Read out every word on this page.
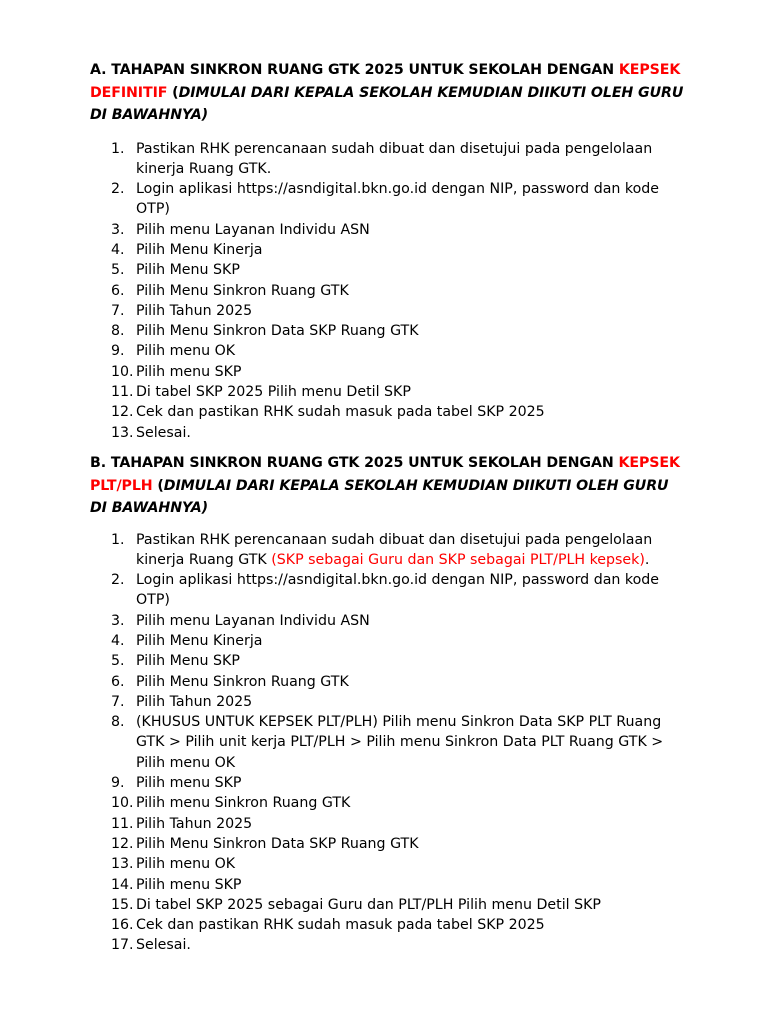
A. TAHAPAN SINKRON RUANG GTK 2025 UNTUK SEKOLAH DENGAN KEPSEK DEFINITIF (DIMULAI DARI KEPALA SEKOLAH KEMUDIAN DIIKUTI OLEH GURU DI BAWAHNYA)

1. Pastikan RHK perencanaan sudah dibuat dan disetujui pada pengelolaan kinerja Ruang GTK.
2. Login aplikasi https://asndigital.bkn.go.id dengan NIP, password dan kode OTP)
3. Pilih menu Layanan Individu ASN
4. Pilih Menu Kinerja
5. Pilih Menu SKP
6. Pilih Menu Sinkron Ruang GTK
7. Pilih Tahun 2025
8. Pilih Menu Sinkron Data SKP Ruang GTK
9. Pilih menu OK
10. Pilih menu SKP
11. Di tabel SKP 2025 Pilih menu Detil SKP
12. Cek dan pastikan RHK sudah masuk pada tabel SKP 2025
13. Selesai.

B. TAHAPAN SINKRON RUANG GTK 2025 UNTUK SEKOLAH DENGAN KEPSEK PLT/PLH (DIMULAI DARI KEPALA SEKOLAH KEMUDIAN DIIKUTI OLEH GURU DI BAWAHNYA)

1. Pastikan RHK perencanaan sudah dibuat dan disetujui pada pengelolaan kinerja Ruang GTK (SKP sebagai Guru dan SKP sebagai PLT/PLH kepsek).
2. Login aplikasi https://asndigital.bkn.go.id dengan NIP, password dan kode OTP)
3. Pilih menu Layanan Individu ASN
4. Pilih Menu Kinerja
5. Pilih Menu SKP
6. Pilih Menu Sinkron Ruang GTK
7. Pilih Tahun 2025
8. (KHUSUS UNTUK KEPSEK PLT/PLH) Pilih menu Sinkron Data SKP PLT Ruang GTK > Pilih unit kerja PLT/PLH > Pilih menu Sinkron Data PLT Ruang GTK > Pilih menu OK
9. Pilih menu SKP
10. Pilih menu Sinkron Ruang GTK
11. Pilih Tahun 2025
12. Pilih Menu Sinkron Data SKP Ruang GTK
13. Pilih menu OK
14. Pilih menu SKP
15. Di tabel SKP 2025 sebagai Guru dan PLT/PLH Pilih menu Detil SKP
16. Cek dan pastikan RHK sudah masuk pada tabel SKP 2025
17. Selesai.
